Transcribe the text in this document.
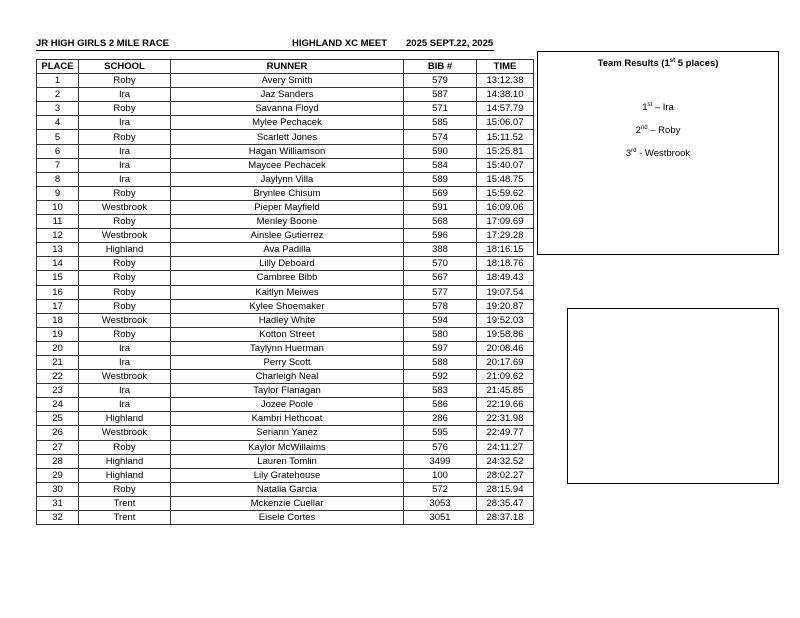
JR HIGH GIRLS 2 MILE RACE	HIGHLAND XC MEET 2025 SEPT.22, 2025
PLACE	SCHOOL	RUNNER	BIB #	TIME
1	Roby	Avery Smith	579	13:12.38
2	Ira	Jaz Sanders	587	14:38.10
3	Roby	Savanna Floyd	571	14:57.79
4	Ira	Mylee Pechacek	585	15:06.07
5	Roby	Scarlett Jones	574	15:11.52
6	Ira	Hagan Williamson	590	15:25.81
7	Ira	Maycee Pechacek	584	15:40.07
8	Ira	Jaylynn Villa	589	15:48.75
9	Roby	Brynlee Chisum	569	15:59.62
10	Westbrook	Pieper Mayfield	591	16:09.06
11	Roby	Menley Boone	568	17:09.69
12	Westbrook	Ainslee Gutierrez	596	17:29.28
13	Highland	Ava Padilla	388	18:16.15
14	Roby	Lilly Deboard	570	18:18.76
15	Roby	Cambree Bibb	567	18:49.43
16	Roby	Kaitlyn Meiwes	577	19:07.54
17	Roby	Kylee Shoemaker	578	19:20.87
18	Westbrook	Hadley White	594	19:52.03
19	Roby	Kotton Street	580	19:58.86
20	Ira	Taylynn Huerman	597	20:08.46
21	Ira	Perry Scott	588	20:17.69
22	Westbrook	Charleigh Neal	592	21:09.62
23	Ira	Taylor Flanagan	583	21:45.85
24	Ira	Jozee Poole	586	22:19.66
25	Highland	Kambri Hethcoat	286	22:31.98
26	Westbrook	Seriann Yanez	595	22:49.77
27	Roby	Kaylor McWillaims	576	24:11.27
28	Highland	Lauren Tomlin	3499	24:32.52
29	Highland	Lily Gratehouse	100	28:02.27
30	Roby	Natalia Garcia	572	28:15.94
31	Trent	Mckenzie Cuellar	3053	28:35.47
32	Trent	Eisele Cortes	3051	28:37.18
Team Results (1st 5 places)

1st – Ira

2nd – Roby

3rd - Westbrook
